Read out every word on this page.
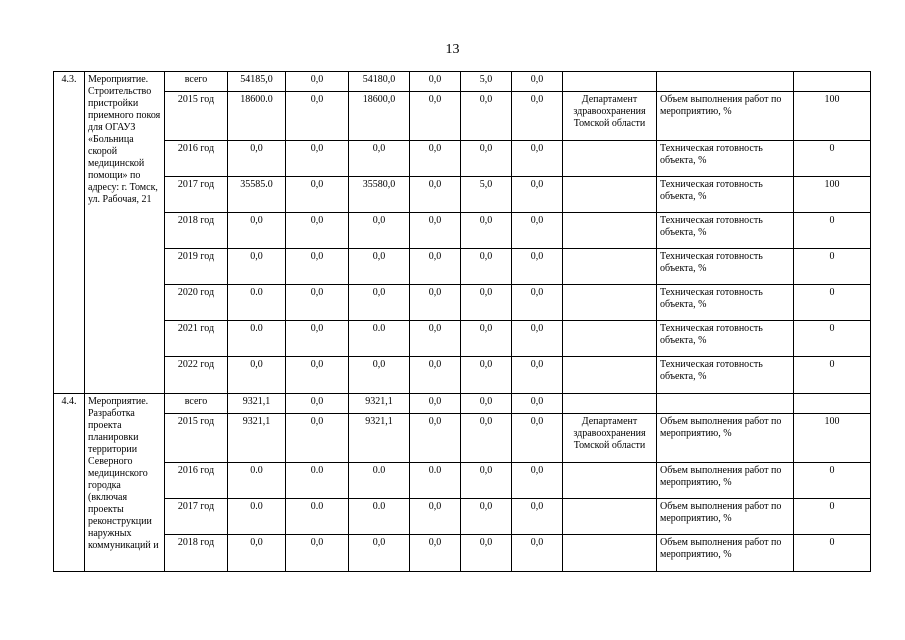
13
4.3.	Мероприятие. Строительство пристройки приемного покоя для ОГАУЗ «Больница скорой медицинской помощи» по адресу: г. Томск, ул. Рабочая, 21	всего	54185,0	0,0	54180,0	0,0	5,0	0,0			
		2015 год	18600.0	0,0	18600,0	0,0	0,0	0,0	Департамент здравоохранения Томской области	Объем выполнения работ по мероприятию, %	100
		2016 год	0,0	0,0	0,0	0,0	0,0	0,0		Техническая готовность объекта, %	0
		2017 год	35585.0	0,0	35580,0	0,0	5,0	0,0		Техническая готовность объекта, %	100
		2018 год	0,0	0,0	0,0	0,0	0,0	0,0		Техническая готовность объекта, %	0
		2019 год	0,0	0,0	0,0	0,0	0,0	0,0		Техническая готовность объекта, %	0
		2020 год	0.0	0,0	0,0	0,0	0,0	0,0		Техническая готовность объекта, %	0
		2021 год	0.0	0,0	0.0	0,0	0,0	0,0		Техническая готовность объекта, %	0
		2022 год	0,0	0,0	0,0	0,0	0,0	0,0		Техническая готовность объекта, %	0
4.4.	Мероприятие. Разработка проекта планировки территории Северного медицинского городка (включая проекты реконструкции наружных коммуникаций и	всего	9321,1	0,0	9321,1	0,0	0,0	0,0			
		2015 год	9321,1	0,0	9321,1	0,0	0,0	0,0	Департамент здравоохранения Томской области	Объем выполнения работ по мероприятию, %	100
		2016 год	0.0	0.0	0.0	0.0	0,0	0,0		Объем выполнения работ по мероприятию, %	0
		2017 год	0.0	0.0	0.0	0,0	0,0	0,0		Объем выполнения работ по мероприятию, %	0
		2018 год	0,0	0,0	0,0	0,0	0,0	0,0		Объем выполнения работ по мероприятию, %	0
